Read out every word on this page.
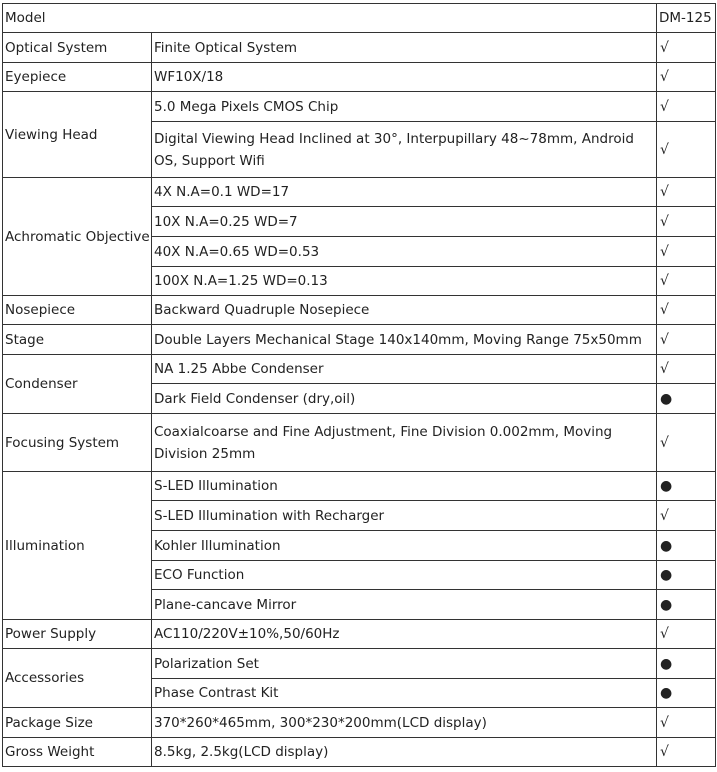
Model		DM-125
Optical System	Finite Optical System	√
Eyepiece	WF10X/18	√
Viewing Head	5.0 Mega Pixels CMOS Chip	√
	Digital Viewing Head Inclined at 30°, Interpupillary 48~78mm, Android OS, Support Wifi	√
Achromatic Objective	4X N.A=0.1 WD=17	√
	10X N.A=0.25 WD=7	√
	40X N.A=0.65 WD=0.53	√
	100X N.A=1.25 WD=0.13	√
Nosepiece	Backward Quadruple Nosepiece	√
Stage	Double Layers Mechanical Stage 140x140mm, Moving Range 75x50mm	√
Condenser	NA 1.25 Abbe Condenser	√
	Dark Field Condenser (dry,oil)	●
Focusing System	Coaxialcoarse and Fine Adjustment, Fine Division 0.002mm, Moving Division 25mm	√
Illumination	S-LED Illumination	●
	S-LED Illumination with Recharger	√
	Kohler Illumination	●
	ECO Function	●
	Plane-cancave Mirror	●
Power Supply	AC110/220V±10%,50/60Hz	√
Accessories	Polarization Set	●
	Phase Contrast Kit	●
Package Size	370*260*465mm, 300*230*200mm(LCD display)	√
Gross Weight	8.5kg, 2.5kg(LCD display)	√
